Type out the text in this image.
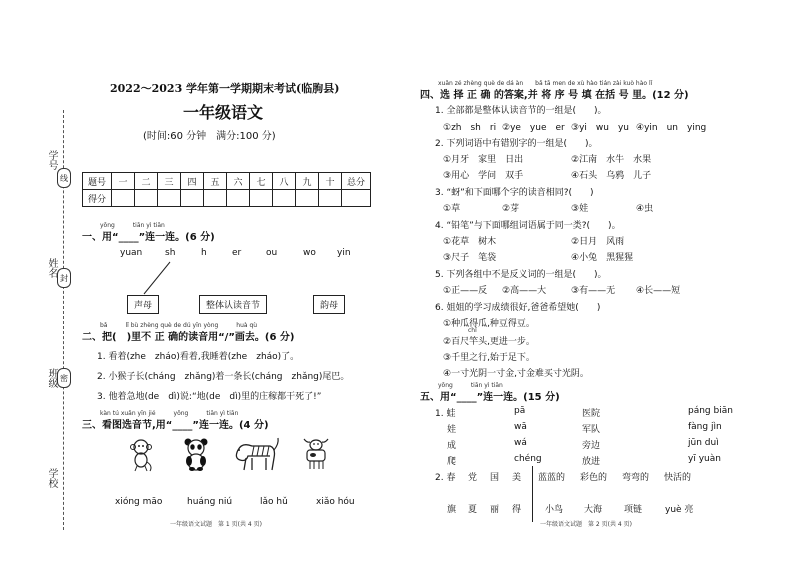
学号
姓名
班级
学校
线
封
密
2022～2023 学年第一学期期末考试(临朐县)
一年级语文
(时间:60 分钟　满分:100 分)
题号	一	二	三	四	五	六	七	八	九	十	总分
得分											
yōng　　　tiān yì tiān
一、用“____”连一连。(6 分)
yuan	sh	h	er	ou	wo yin
声母	整体认读音节	韵母
bǎ　　　lǐ bù zhèng què de dú yīn yòng　　　huà qù
二、把(　)里不 正 确的读音用“/”画去。(6 分)
1. 看着(zhe　zháo)看着,我睡着(zhe　zháo)了。
2. 小猴子长(cháng　zhǎng)着一条长(cháng　zhǎng)尾巴。
3. 他着急地(de　dì)说:“地(de　dì)里的庄稼都干死了!”
kàn tú xuǎn yīn jié　　　yōng　　　tiān yì tiān
三、看图选音节,用“____”连一连。(4 分)
xióng māo	huáng niú	lǎo hǔ	xiǎo hóu
一年级语文试题　第 1 页(共 4 页)
xuǎn zé zhèng què de dá àn　　bǎ tā men de xù hào tián zài kuò hào lǐ
四、选 择 正 确 的答案,并 将 序 号 填 在括 号 里。(12 分)
1. 全部都是整体认读音节的一组是(　　)。
①zh　sh　ri ②ye　yue　er ③yi　wu　yu ④yin　un　ying
2. 下列词语中有错别字的一组是(　　)。
①月牙　家里　日出	②江南　水牛　水果
③用心　学问　双手	④石头　乌鸦　儿子
3. “蚜”和下面哪个字的读音相同?(　　)
①草	②芽	③娃	④虫
4. “铅笔”与下面哪组词语属于同一类?(　　)。
①花草　树木	②日月　风雨
③尺子　笔袋	④小兔　黑猩猩
5. 下列各组中不是反义词的一组是(　　)。
①正——反 ②高——大	③有——无 ④长——短
6. 姐姐的学习成绩很好,爸爸希望她(　　)
①种瓜得瓜,种豆得豆。
chǐ
②百尺竿头,更进一步。
③千里之行,始于足下。
④一寸光阴一寸金,寸金难买寸光阴。
yōng　　　tiān yì tiān
五、用“____”连一连。(15 分)
1. 蛙
娃
成
爬
pā
wā
wá
chéng
医院
军队
旁边
放进
páng biān
fàng jìn
jūn duì
yī yuàn
2. 春 党 国 美 蓝蓝的 彩色的 弯弯的 快活的
旗 夏 丽 得	小鸟 大海 项链	yuè 亮
一年级语文试题　第 2 页(共 4 页)
